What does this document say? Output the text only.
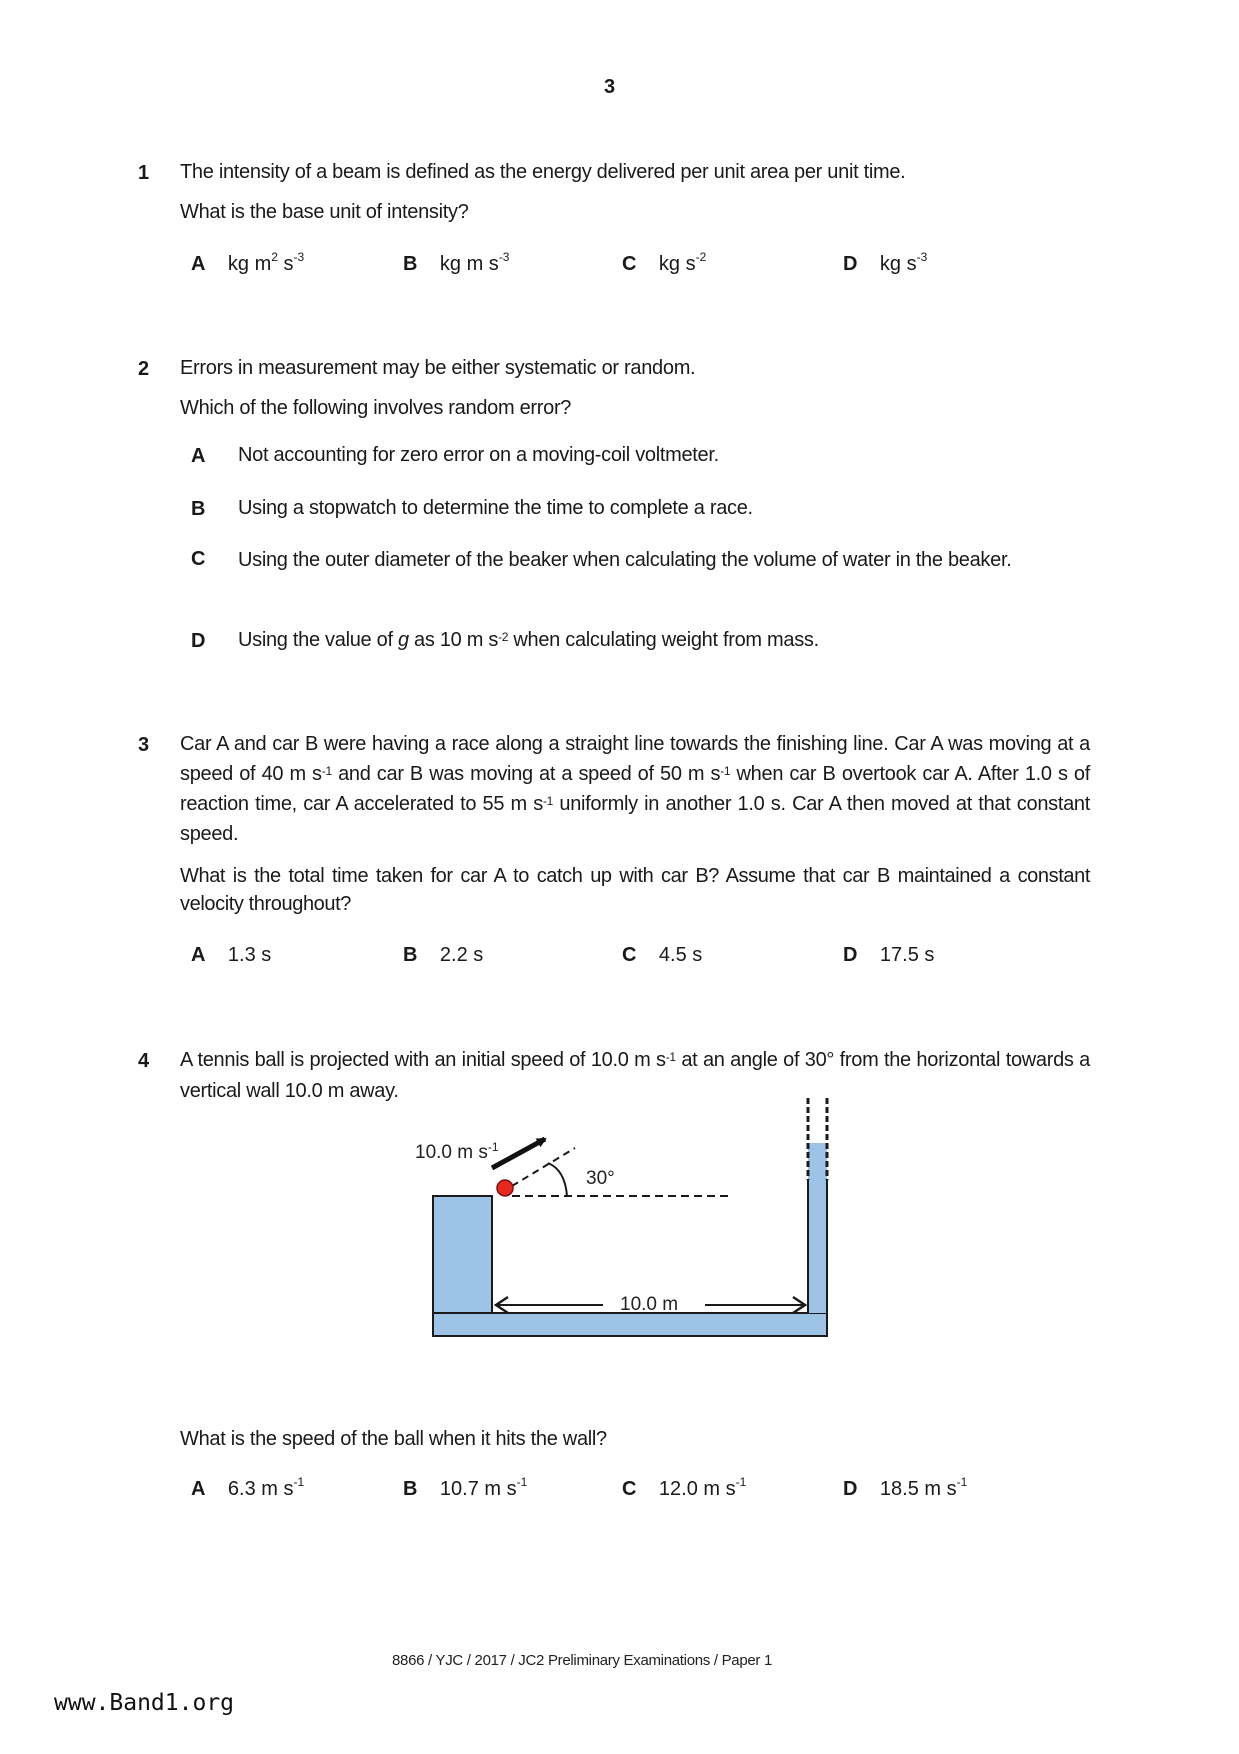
3
1 The intensity of a beam is defined as the energy delivered per unit area per unit time.
What is the base unit of intensity?
A kg $m^2$ $s^{-3}$	B kg m $s^{-3}$	C kg $s^{-2}$	D kg $s^{-3}$
2 Errors in measurement may be either systematic or random.
Which of the following involves random error?
A Not accounting for zero error on a moving-coil voltmeter.
B Using a stopwatch to determine the time to complete a race.
C Using the outer diameter of the beaker when calculating the volume of water in the beaker.
D Using the value of g as 10 m $s^{-2}$ when calculating weight from mass.
3 Car A and car B were having a race along a straight line towards the finishing line. Car A was moving at a speed of 40 m $s^{-1}$ and car B was moving at a speed of 50 m $s^{-1}$ when car B overtook car A. After 1.0 s of reaction time, car A accelerated to 55 m $s^{-1}$ uniformly in another 1.0 s. Car A then moved at that constant speed.
What is the total time taken for car A to catch up with car B? Assume that car B maintained a constant velocity throughout?
A 1.3 s	B 2.2 s	C 4.5 s	D 17.5 s
4 A tennis ball is projected with an initial speed of 10.0 m $s^{-1}$ at an angle of 30° from the horizontal towards a vertical wall 10.0 m away.
10.0 m $s^{-1}$
30°
10.0 m
What is the speed of the ball when it hits the wall?
A 6.3 m $s^{-1}$	B 10.7 m $s^{-1}$	C 12.0 m $s^{-1}$	D 18.5 m $s^{-1}$
8866 / YJC / 2017 / JC2 Preliminary Examinations / Paper 1
www.Band1.org
